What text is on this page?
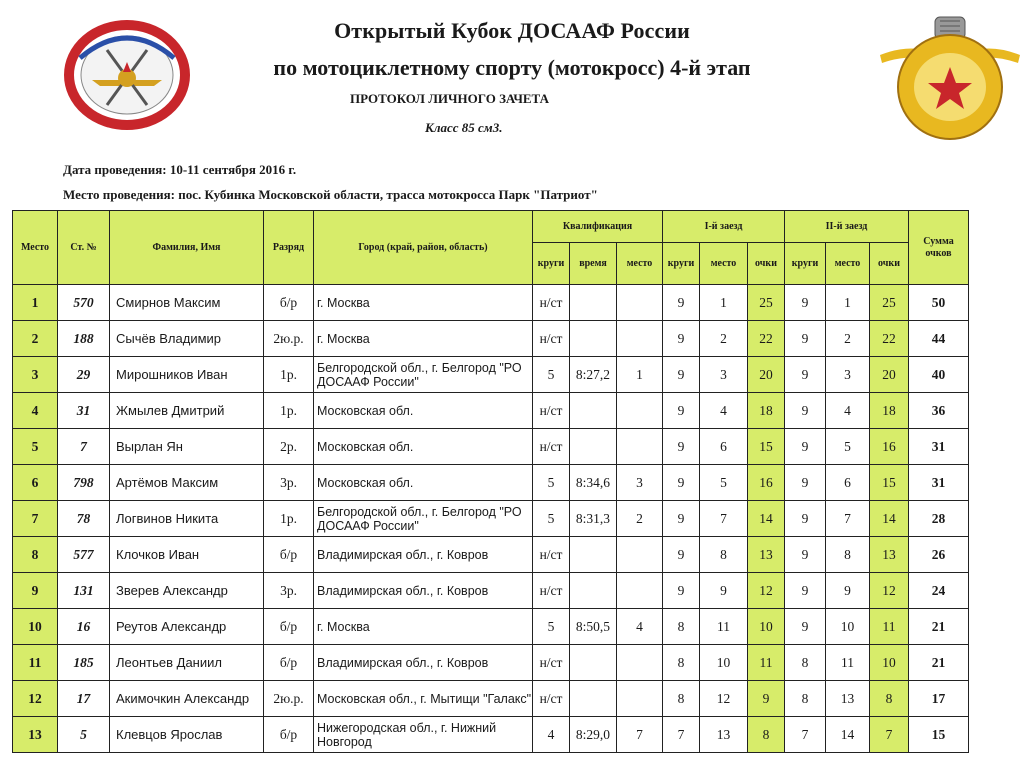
Открытый Кубок ДОСААФ России
по мотоциклетному спорту (мотокросс) 4-й этап
ПРОТОКОЛ ЛИЧНОГО ЗАЧЕТА
Класс 85 см3.
Дата проведения: 10-11 сентября 2016 г.
Место проведения: пос. Кубинка Московской области, трасса мотокросса Парк "Патриот"
Место	Ст. №	Фамилия, Имя	Разряд	Город (край, район, область)	Квалификация			I-й заезд			II-й заезд			Сумма
очков
					круги	время	место	круги	место	очки	круги	место	очки	
1	570	Смирнов Максим	б/р	г. Москва	н/ст			9	1	25	9	1	25	50
2	188	Сычёв Владимир	2ю.р.	г. Москва	н/ст			9	2	22	9	2	22	44
3	29	Мирошников Иван	1р.	Белгородской обл., г. Белгород "РО ДОСААФ России"	5	8:27,2	1	9	3	20	9	3	20	40
4	31	Жмылев Дмитрий	1р.	Московская обл.	н/ст			9	4	18	9	4	18	36
5	7	Вырлан Ян	2р.	Московская обл.	н/ст			9	6	15	9	5	16	31
6	798	Артёмов Максим	3р.	Московская обл.	5	8:34,6	3	9	5	16	9	6	15	31
7	78	Логвинов Никита	1р.	Белгородской обл., г. Белгород "РО ДОСААФ России"	5	8:31,3	2	9	7	14	9	7	14	28
8	577	Клочков Иван	б/р	Владимирская обл., г. Ковров	н/ст			9	8	13	9	8	13	26
9	131	Зверев Александр	3р.	Владимирская обл., г. Ковров	н/ст			9	9	12	9	9	12	24
10	16	Реутов Александр	б/р	г. Москва	5	8:50,5	4	8	11	10	9	10	11	21
11	185	Леонтьев Даниил	б/р	Владимирская обл., г. Ковров	н/ст			8	10	11	8	11	10	21
12	17	Акимочкин Александр	2ю.р.	Московская обл., г. Мытищи "Галакс"	н/ст			8	12	9	8	13	8	17
13	5	Клевцов Ярослав	б/р	Нижегородская обл., г. Нижний Новгород	4	8:29,0	7	7	13	8	7	14	7	15
